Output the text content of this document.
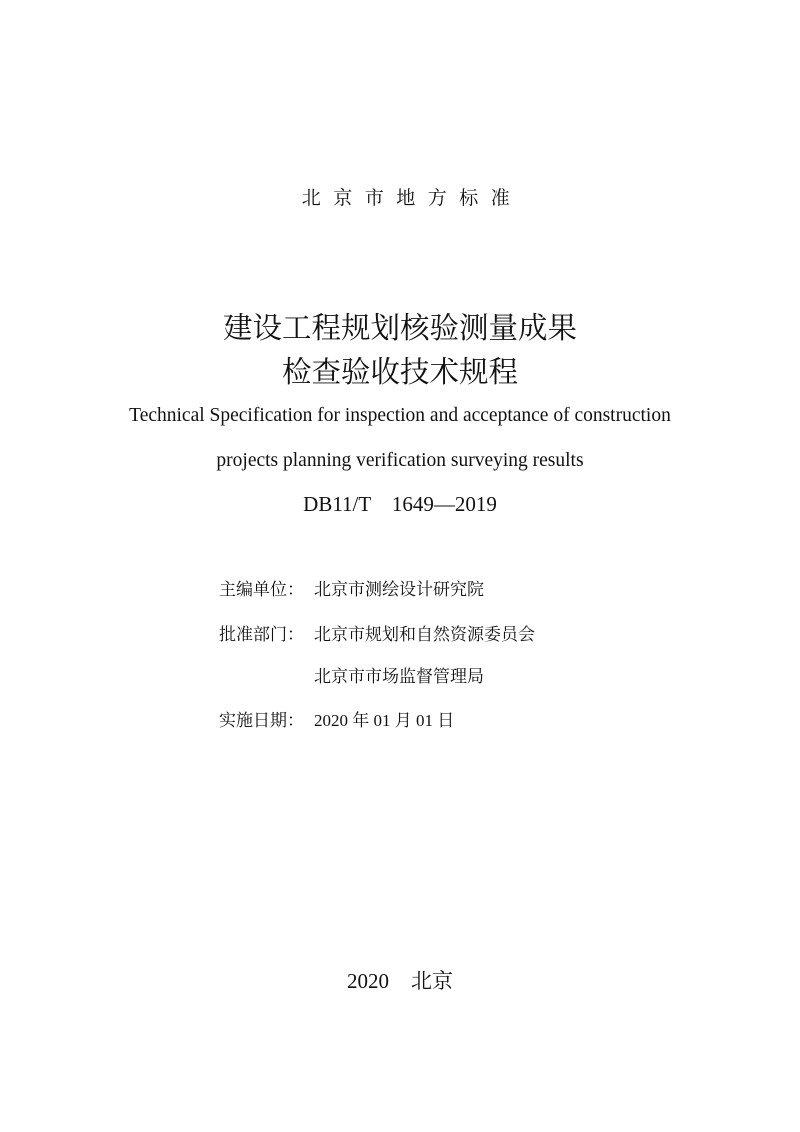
北京市地方标准
建设工程规划核验测量成果
检查验收技术规程
Technical Specification for inspection and acceptance of construction
projects planning verification surveying results
DB11/T　1649—2019
主编单位： 北京市测绘设计研究院
批准部门： 北京市规划和自然资源委员会
北京市市场监督管理局
实施日期： 2020 年 01 月 01 日
2020 北京
